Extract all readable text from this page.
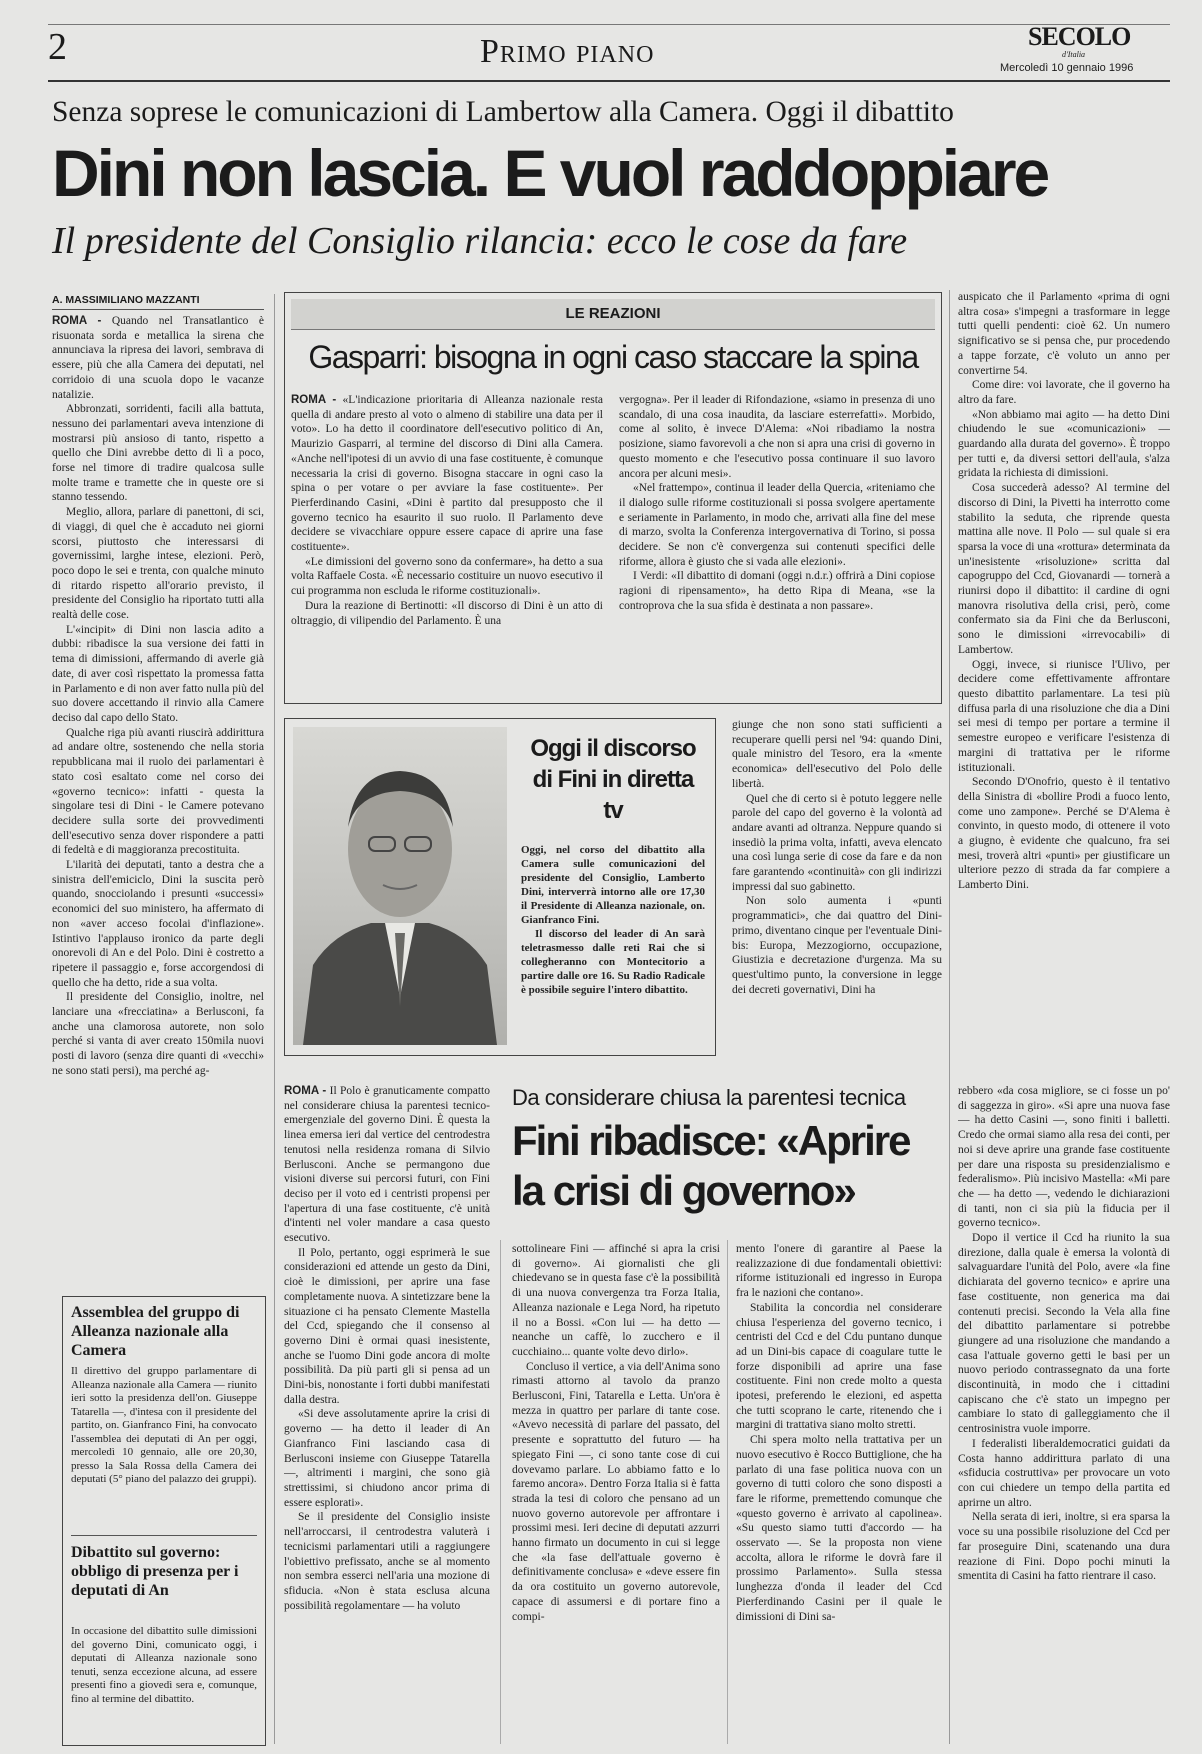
2	Primo piano	SECOLO
d'Italia
Mercoledì 10 gennaio 1996
Senza soprese le comunicazioni di Lambertow alla Camera. Oggi il dibattito
Dini non lascia. E vuol raddoppiare
Il presidente del Consiglio rilancia: ecco le cose da fare
A. MASSIMILIANO MAZZANTI

ROMA - Quando nel Transatlantico è risuonata sorda e metallica la sirena che annunciava la ripresa dei lavori, sembrava di essere, più che alla Camera dei deputati, nel corridoio di una scuola dopo le vacanze natalizie.

Abbronzati, sorridenti, facili alla battuta, nessuno dei parlamentari aveva intenzione di mostrarsi più ansioso di tanto, rispetto a quello che Dini avrebbe detto di lì a poco, forse nel timore di tradire qualcosa sulle molte trame e tramette che in queste ore si stanno tessendo.

Meglio, allora, parlare di panettoni, di sci, di viaggi, di quel che è accaduto nei giorni scorsi, piuttosto che interessarsi di governissimi, larghe intese, elezioni. Però, poco dopo le sei e trenta, con qualche minuto di ritardo rispetto all'orario previsto, il presidente del Consiglio ha riportato tutti alla realtà delle cose.

L'«incipit» di Dini non lascia adito a dubbi: ribadisce la sua versione dei fatti in tema di dimissioni, affermando di averle già date, di aver così rispettato la promessa fatta in Parlamento e di non aver fatto nulla più del suo dovere accettando il rinvio alla Camere deciso dal capo dello Stato.

Qualche riga più avanti riuscirà addirittura ad andare oltre, sostenendo che nella storia repubblicana mai il ruolo dei parlamentari è stato così esaltato come nel corso dei «governo tecnico»: infatti - questa la singolare tesi di Dini - le Camere potevano decidere sulla sorte dei provvedimenti dell'esecutivo senza dover rispondere a patti di fedeltà e di maggioranza precostituita.

L'ilarità dei deputati, tanto a destra che a sinistra dell'emiciclo, Dini la suscita però quando, snocciolando i presunti «successi» economici del suo ministero, ha affermato di non «aver acceso focolai d'inflazione». Istintivo l'applauso ironico da parte degli onorevoli di An e del Polo. Dini è costretto a ripetere il passaggio e, forse accorgendosi di quello che ha detto, ride a sua volta.

Il presidente del Consiglio, inoltre, nel lanciare una «frecciatina» a Berlusconi, fa anche una clamorosa autorete, non solo perché si vanta di aver creato 150mila nuovi posti di lavoro (senza dire quanti di «vecchi» ne sono stati persi), ma perché ag-

Assemblea del gruppo di Alleanza nazionale alla Camera

Il direttivo del gruppo parlamentare di Alleanza nazionale alla Camera — riunito ieri sotto la presidenza dell'on. Giuseppe Tatarella —, d'intesa con il presidente del partito, on. Gianfranco Fini, ha convocato l'assemblea dei deputati di An per oggi, mercoledì 10 gennaio, alle ore 20,30, presso la Sala Rossa della Camera dei deputati (5° piano del palazzo dei gruppi).

Dibattito sul governo: obbligo di presenza per i deputati di An

In occasione del dibattito sulle dimissioni del governo Dini, comunicato oggi, i deputati di Alleanza nazionale sono tenuti, senza eccezione alcuna, ad essere presenti fino a giovedì sera e, comunque, fino al termine del dibattito.

LE REAZIONI
Gasparri: bisogna in ogni caso staccare la spina

ROMA - «L'indicazione prioritaria di Alleanza nazionale resta quella di andare presto al voto o almeno di stabilire una data per il voto». Lo ha detto il coordinatore dell'esecutivo politico di An, Maurizio Gasparri, al termine del discorso di Dini alla Camera. «Anche nell'ipotesi di un avvio di una fase costituente, è comunque necessaria la crisi di governo. Bisogna staccare in ogni caso la spina o per votare o per avviare la fase costituente». Per Pierferdinando Casini, «Dini è partito dal presupposto che il governo tecnico ha esaurito il suo ruolo. Il Parlamento deve decidere se vivacchiare oppure essere capace di aprire una fase costituente».

«Le dimissioni del governo sono da confermare», ha detto a sua volta Raffaele Costa. «È necessario costituire un nuovo esecutivo il cui programma non escluda le riforme costituzionali».

Dura la reazione di Bertinotti: «Il discorso di Dini è un atto di oltraggio, di vilipendio del Parlamento. È una

vergogna». Per il leader di Rifondazione, «siamo in presenza di uno scandalo, di una cosa inaudita, da lasciare esterrefatti». Morbido, come al solito, è invece D'Alema: «Noi ribadiamo la nostra posizione, siamo favorevoli a che non si apra una crisi di governo in questo momento e che l'esecutivo possa continuare il suo lavoro ancora per alcuni mesi».

«Nel frattempo», continua il leader della Quercia, «riteniamo che il dialogo sulle riforme costituzionali si possa svolgere apertamente e seriamente in Parlamento, in modo che, arrivati alla fine del mese di marzo, svolta la Conferenza intergovernativa di Torino, si possa decidere. Se non c'è convergenza sui contenuti specifici delle riforme, allora è giusto che si vada alle elezioni».

I Verdi: «Il dibattito di domani (oggi n.d.r.) offrirà a Dini copiose ragioni di ripensamento», ha detto Ripa di Meana, «se la controprova che la sua sfida è destinata a non passare».

auspicato che il Parlamento «prima di ogni altra cosa» s'impegni a trasformare in legge tutti quelli pendenti: cioè 62. Un numero significativo se si pensa che, pur procedendo a tappe forzate, c'è voluto un anno per convertirne 54.

Come dire: voi lavorate, che il governo ha altro da fare.

«Non abbiamo mai agito — ha detto Dini chiudendo le sue «comunicazioni» — guardando alla durata del governo». È troppo per tutti e, da diversi settori dell'aula, s'alza gridata la richiesta di dimissioni.

Cosa succederà adesso? Al termine del discorso di Dini, la Pivetti ha interrotto come stabilito la seduta, che riprende questa mattina alle nove. Il Polo — sul quale si era sparsa la voce di una «rottura» determinata da un'inesistente «risoluzione» scritta dal capogruppo del Ccd, Giovanardi — tornerà a riunirsi dopo il dibattito: il cardine di ogni manovra risolutiva della crisi, però, come confermato sia da Fini che da Berlusconi, sono le dimissioni «irrevocabili» di Lambertow.

Oggi, invece, si riunisce l'Ulivo, per decidere come effettivamente affrontare questo dibattito parlamentare. La tesi più diffusa parla di una risoluzione che dia a Dini sei mesi di tempo per portare a termine il semestre europeo e verificare l'esistenza di margini di trattativa per le riforme istituzionali.

Secondo D'Onofrio, questo è il tentativo della Sinistra di «bollire Prodi a fuoco lento, come uno zampone». Perché se D'Alema è convinto, in questo modo, di ottenere il voto a giugno, è evidente che qualcuno, fra sei mesi, troverà altri «punti» per giustificare un ulteriore pezzo di strada da far compiere a Lamberto Dini.

Oggi il discorso di Fini in diretta tv

Oggi, nel corso del dibattito alla Camera sulle comunicazioni del presidente del Consiglio, Lamberto Dini, interverrà intorno alle ore 17,30 il Presidente di Alleanza nazionale, on. Gianfranco Fini.

Il discorso del leader di An sarà teletrasmesso dalle reti Rai che si collegheranno con Montecitorio a partire dalle ore 16. Su Radio Radicale è possibile seguire l'intero dibattito.

giunge che non sono stati sufficienti a recuperare quelli persi nel '94: quando Dini, quale ministro del Tesoro, era la «mente economica» dell'esecutivo del Polo delle libertà.

Quel che di certo si è potuto leggere nelle parole del capo del governo è la volontà ad andare avanti ad oltranza. Neppure quando si insediò la prima volta, infatti, aveva elencato una così lunga serie di cose da fare e da non fare garantendo «continuità» con gli indirizzi impressi dal suo gabinetto.

Non solo aumenta i «punti programmatici», che dai quattro del Dini-primo, diventano cinque per l'eventuale Dini-bis: Europa, Mezzogiorno, occupazione, Giustizia e decretazione d'urgenza. Ma su quest'ultimo punto, la conversione in legge dei decreti governativi, Dini ha

Da considerare chiusa la parentesi tecnica
Fini ribadisce: «Aprire la crisi di governo»

ROMA - Il Polo è granuticamente compatto nel considerare chiusa la parentesi tecnico-emergenziale del governo Dini. È questa la linea emersa ieri dal vertice del centrodestra tenutosi nella residenza romana di Silvio Berlusconi. Anche se permangono due visioni diverse sui percorsi futuri, con Fini deciso per il voto ed i centristi propensi per l'apertura di una fase costituente, c'è unità d'intenti nel voler mandare a casa questo esecutivo.

Il Polo, pertanto, oggi esprimerà le sue considerazioni ed attende un gesto da Dini, cioè le dimissioni, per aprire una fase completamente nuova. A sintetizzare bene la situazione ci ha pensato Clemente Mastella del Ccd, spiegando che il consenso al governo Dini è ormai quasi inesistente, anche se l'uomo Dini gode ancora di molte possibilità. Da più parti gli si pensa ad un Dini-bis, nonostante i forti dubbi manifestati dalla destra.

«Si deve assolutamente aprire la crisi di governo — ha detto il leader di An Gianfranco Fini lasciando casa di Berlusconi insieme con Giuseppe Tatarella —, altrimenti i margini, che sono già strettissimi, si chiudono ancor prima di essere esplorati».

Se il presidente del Consiglio insiste nell'arroccarsi, il centrodestra valuterà i tecnicismi parlamentari utili a raggiungere l'obiettivo prefissato, anche se al momento non sembra esserci nell'aria una mozione di sfiducia. «Non è stata esclusa alcuna possibilità regolamentare — ha voluto

sottolineare Fini — affinché si apra la crisi di governo». Ai giornalisti che gli chiedevano se in questa fase c'è la possibilità di una nuova convergenza tra Forza Italia, Alleanza nazionale e Lega Nord, ha ripetuto il no a Bossi. «Con lui — ha detto — neanche un caffè, lo zucchero e il cucchiaino... quante volte devo dirlo».

Concluso il vertice, a via dell'Anima sono rimasti attorno al tavolo da pranzo Berlusconi, Fini, Tatarella e Letta. Un'ora è mezza in quattro per parlare di tante cose. «Avevo necessità di parlare del passato, del presente e soprattutto del futuro — ha spiegato Fini —, ci sono tante cose di cui dovevamo parlare. Lo abbiamo fatto e lo faremo ancora». Dentro Forza Italia si è fatta strada la tesi di coloro che pensano ad un nuovo governo autorevole per affrontare i prossimi mesi. Ieri decine di deputati azzurri hanno firmato un documento in cui si legge che «la fase dell'attuale governo è definitivamente conclusa» e «deve essere fin da ora costituito un governo autorevole, capace di assumersi e di portare fino a compi-

mento l'onere di garantire al Paese la realizzazione di due fondamentali obiettivi: riforme istituzionali ed ingresso in Europa fra le nazioni che contano».

Stabilita la concordia nel considerare chiusa l'esperienza del governo tecnico, i centristi del Ccd e del Cdu puntano dunque ad un Dini-bis capace di coagulare tutte le forze disponibili ad aprire una fase costituente. Fini non crede molto a questa ipotesi, preferendo le elezioni, ed aspetta che tutti scoprano le carte, ritenendo che i margini di trattativa siano molto stretti.

Chi spera molto nella trattativa per un nuovo esecutivo è Rocco Buttiglione, che ha parlato di una fase politica nuova con un governo di tutti coloro che sono disposti a fare le riforme, premettendo comunque che «questo governo è arrivato al capolinea». «Su questo siamo tutti d'accordo — ha osservato —. Se la proposta non viene accolta, allora le riforme le dovrà fare il prossimo Parlamento». Sulla stessa lunghezza d'onda il leader del Ccd Pierferdinando Casini per il quale le dimissioni di Dini sa-

rebbero «da cosa migliore, se ci fosse un po' di saggezza in giro». «Si apre una nuova fase — ha detto Casini —, sono finiti i balletti. Credo che ormai siamo alla resa dei conti, per noi si deve aprire una grande fase costituente per dare una risposta su presidenzialismo e federalismo». Più incisivo Mastella: «Mi pare che — ha detto —, vedendo le dichiarazioni di tanti, non ci sia più la fiducia per il governo tecnico».

Dopo il vertice il Ccd ha riunito la sua direzione, dalla quale è emersa la volontà di salvaguardare l'unità del Polo, avere «la fine dichiarata del governo tecnico» e aprire una fase costituente, non generica ma dai contenuti precisi. Secondo la Vela alla fine del dibattito parlamentare si potrebbe giungere ad una risoluzione che mandando a casa l'attuale governo getti le basi per un nuovo periodo contrassegnato da una forte discontinuità, in modo che i cittadini capiscano che c'è stato un impegno per cambiare lo stato di galleggiamento che il centrosinistra vuole imporre.

I federalisti liberaldemocratici guidati da Costa hanno addirittura parlato di una «sfiducia costruttiva» per provocare un voto con cui chiedere un tempo della partita ed aprirne un altro.

Nella serata di ieri, inoltre, si era sparsa la voce su una possibile risoluzione del Ccd per far proseguire Dini, scatenando una dura reazione di Fini. Dopo pochi minuti la smentita di Casini ha fatto rientrare il caso.
